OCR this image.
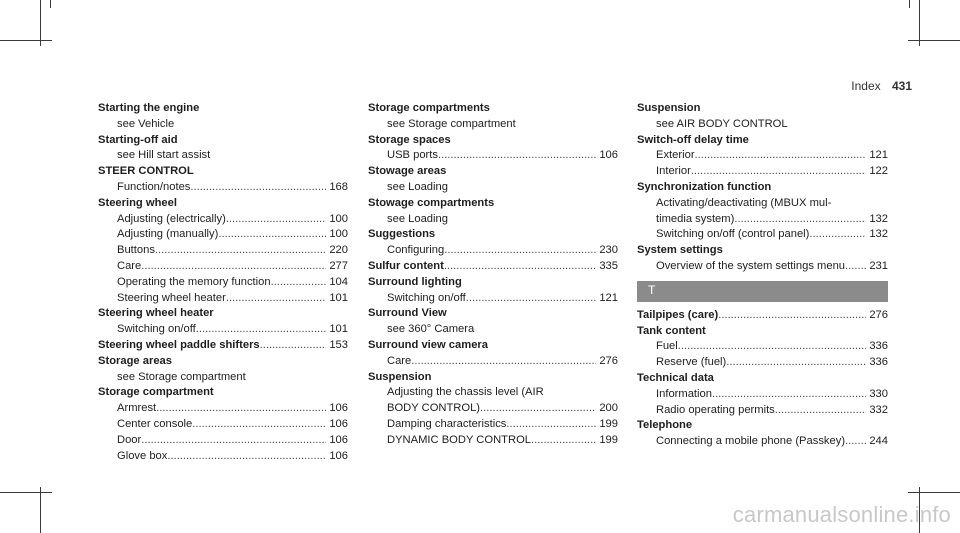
Index 431
Starting the engine
see Vehicle
Starting-off aid
see Hill start assist
STEER CONTROL
Function/notes .....	168
Steering wheel
Adjusting (electrically) .....	100
Adjusting (manually) .....	100
Buttons .....	220
Care .....	277
Operating the memory function .....	104
Steering wheel heater .....	101
Steering wheel heater
Switching on/off .....	101
Steering wheel paddle shifters .....	153
Storage areas
see Storage compartment
Storage compartment
Armrest .....	106
Center console .....	106
Door .....	106
Glove box .....	106
Storage compartments
see Storage compartment
Storage spaces
USB ports .....	106
Stowage areas
see Loading
Stowage compartments
see Loading
Suggestions
Configuring .....	230
Sulfur content .....	335
Surround lighting
Switching on/off .....	121
Surround View
see 360° Camera
Surround view camera
Care .....	276
Suspension
Adjusting the chassis level (AIR
BODY CONTROL) .....	200
Damping characteristics .....	199
DYNAMIC BODY CONTROL .....	199
Suspension
see AIR BODY CONTROL
Switch-off delay time
Exterior .....	121
Interior .....	122
Synchronization function
Activating/deactivating (MBUX mul-
timedia system) .....	132
Switching on/off (control panel) .....	132
System settings
Overview of the system settings menu ..... 231
T
Tailpipes (care) .....	276
Tank content
Fuel .....	336
Reserve (fuel) .....	336
Technical data
Information .....	330
Radio operating permits .....	332
Telephone
Connecting a mobile phone (Passkey) ..... 244
carmanualsonline.info
